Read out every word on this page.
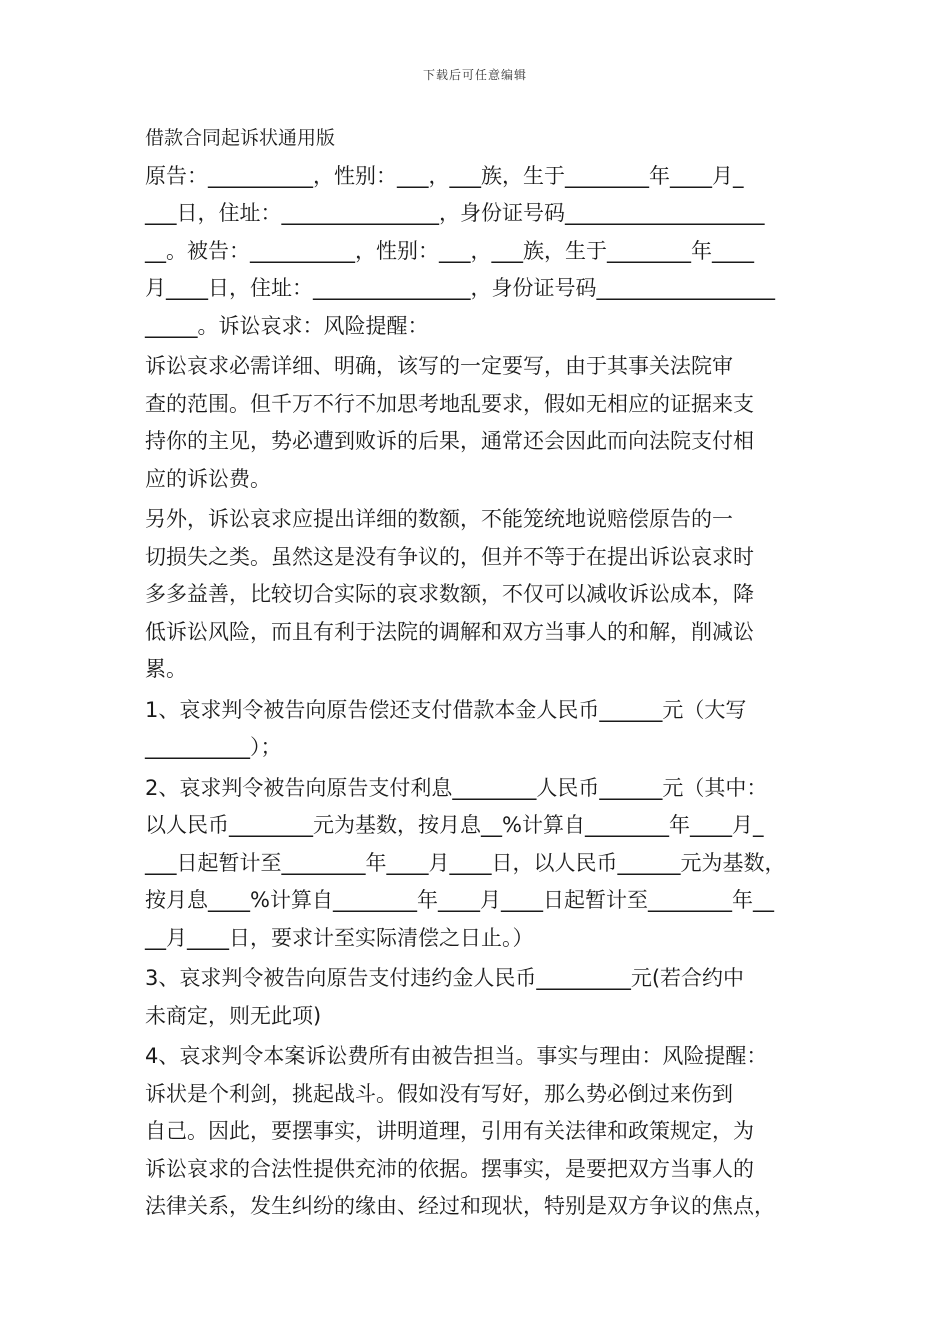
下载后可任意编辑
借款合同起诉状通用版
原告：__________，性别：___，___族，生于________年____月_
___日，住址：_______________，身份证号码___________________
__。被告：__________，性别：___，___族，生于________年____
月____日，住址：_______________，身份证号码_________________
_____。诉讼哀求：风险提醒：
诉讼哀求必需详细、明确，该写的一定要写，由于其事关法院审
查的范围。但千万不行不加思考地乱要求，假如无相应的证据来支
持你的主见，势必遭到败诉的后果，通常还会因此而向法院支付相
应的诉讼费。
另外，诉讼哀求应提出详细的数额，不能笼统地说赔偿原告的一
切损失之类。虽然这是没有争议的，但并不等于在提出诉讼哀求时
多多益善，比较切合实际的哀求数额，不仅可以减收诉讼成本，降
低诉讼风险，而且有利于法院的调解和双方当事人的和解，削减讼
累。
1、哀求判令被告向原告偿还支付借款本金人民币______元（大写
__________）；
2、哀求判令被告向原告支付利息________人民币______元（其中：
以人民币________元为基数，按月息__%计算自________年____月_
___日起暂计至________年____月____日，以人民币______元为基数，
按月息____%计算自________年____月____日起暂计至________年__
__月____日，要求计至实际清偿之日止。）
3、哀求判令被告向原告支付违约金人民币_________元(若合约中
未商定，则无此项)
4、哀求判令本案诉讼费所有由被告担当。事实与理由：风险提醒：
诉状是个利剑，挑起战斗。假如没有写好，那么势必倒过来伤到
自己。因此，要摆事实，讲明道理，引用有关法律和政策规定，为
诉讼哀求的合法性提供充沛的依据。摆事实，是要把双方当事人的
法律关系，发生纠纷的缘由、经过和现状，特别是双方争议的焦点，
